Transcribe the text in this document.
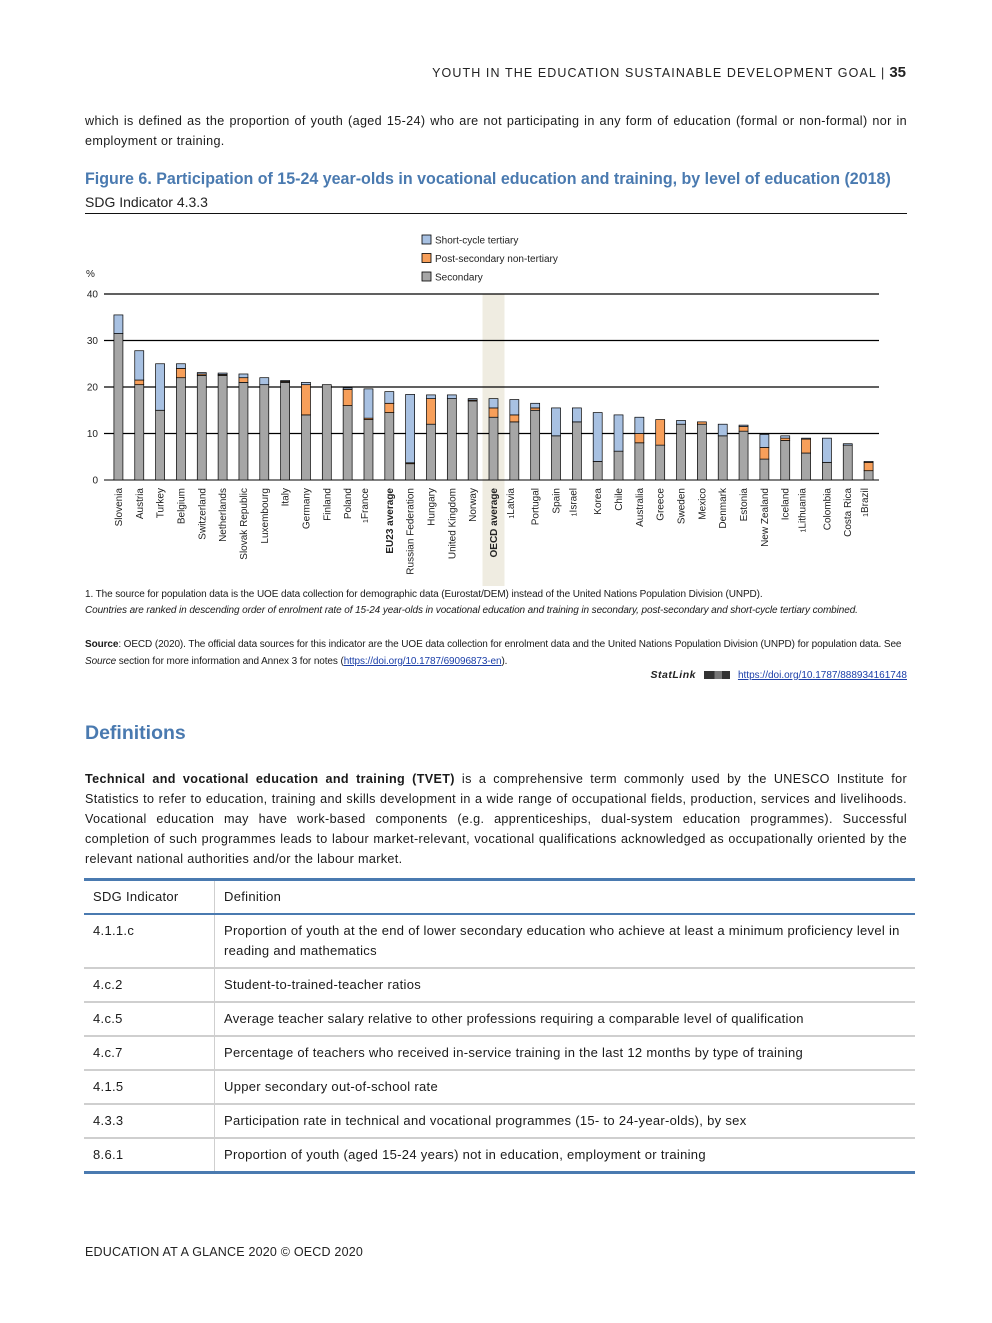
YOUTH IN THE EDUCATION SUSTAINABLE DEVELOPMENT GOAL | 35
which is defined as the proportion of youth (aged 15-24) who are not participating in any form of education (formal or non-formal) nor in employment or training.
Figure 6. Participation of 15-24 year-olds in vocational education and training, by level of education (2018)
SDG Indicator 4.3.3
0
10
20
30
40
%
Short-cycle tertiary
Post-secondary non-tertiary
Secondary
Slovenia Austria Turkey Belgium Switzerland Netherlands Slovak Republic Luxembourg Italy Germany Finland Poland
$^1$France EU23 average Russian Federation Hungary United Kingdom Norway OECD average	$^1$Latvia Portugal Spain
$^1$Israel Korea Chile Australia Greece Sweden Mexico Denmark Estonia New Zealand Iceland
$^1$Lithuania Colombia Costa Rica	$^1$Brazil
1. The source for population data is the UOE data collection for demographic data (Eurostat/DEM) instead of the United Nations Population Division (UNPD).
Countries are ranked in descending order of enrolment rate of 15-24 year-olds in vocational education and training in secondary, post-secondary and short-cycle tertiary combined.
Source: OECD (2020). The official data sources for this indicator are the UOE data collection for enrolment data and the United Nations Population Division (UNPD) for population data. See Source section for more information and Annex 3 for notes (https://doi.org/10.1787/69096873-en).
StatLink	https://doi.org/10.1787/888934161748
Definitions
Technical and vocational education and training (TVET) is a comprehensive term commonly used by the UNESCO Institute for Statistics to refer to education, training and skills development in a wide range of occupational fields, production, services and livelihoods. Vocational education may have work-based components (e.g. apprenticeships, dual-system education programmes). Successful completion of such programmes leads to labour market-relevant, vocational qualifications acknowledged as occupationally oriented by the relevant national authorities and/or the labour market.
SDG Indicator	Definition
4.1.1.c	Proportion of youth at the end of lower secondary education who achieve at least a minimum proficiency level in reading and mathematics
4.c.2	Student-to-trained-teacher ratios
4.c.5	Average teacher salary relative to other professions requiring a comparable level of qualification
4.c.7	Percentage of teachers who received in-service training in the last 12 months by type of training
4.1.5	Upper secondary out-of-school rate
4.3.3	Participation rate in technical and vocational programmes (15- to 24-year-olds), by sex
8.6.1	Proportion of youth (aged 15-24 years) not in education, employment or training
EDUCATION AT A GLANCE 2020 © OECD 2020
